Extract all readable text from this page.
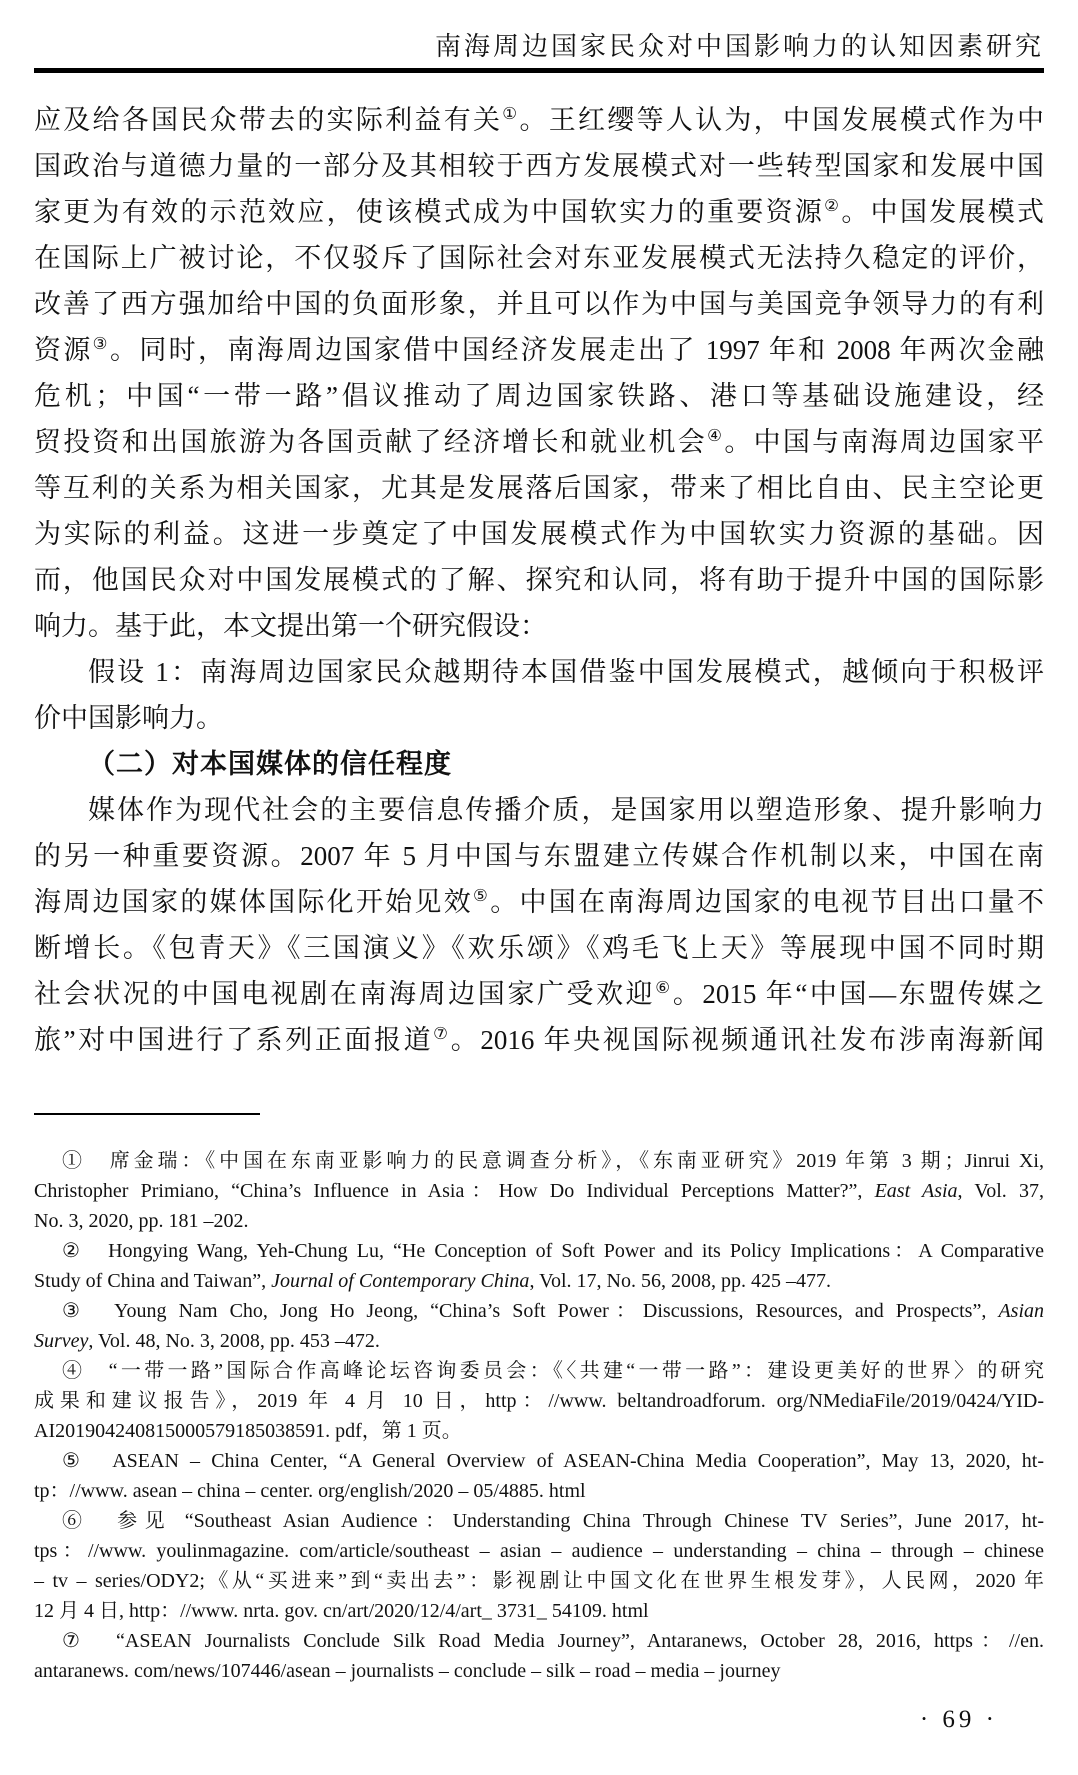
南海周边国家民众对中国影响力的认知因素研究
应及给各国民众带去的实际利益有关①。王红缨等人认为，中国发展模式作为中
国政治与道德力量的一部分及其相较于西方发展模式对一些转型国家和发展中国
家更为有效的示范效应，使该模式成为中国软实力的重要资源②。中国发展模式
在国际上广被讨论，不仅驳斥了国际社会对东亚发展模式无法持久稳定的评价，
改善了西方强加给中国的负面形象，并且可以作为中国与美国竞争领导力的有利
资源③。同时，南海周边国家借中国经济发展走出了 1997 年和 2008 年两次金融
危机；中国“一带一路”倡议推动了周边国家铁路、港口等基础设施建设，经
贸投资和出国旅游为各国贡献了经济增长和就业机会④。中国与南海周边国家平
等互利的关系为相关国家，尤其是发展落后国家，带来了相比自由、民主空论更
为实际的利益。这进一步奠定了中国发展模式作为中国软实力资源的基础。因
而，他国民众对中国发展模式的了解、探究和认同，将有助于提升中国的国际影
响力。基于此，本文提出第一个研究假设：
假设 1：南海周边国家民众越期待本国借鉴中国发展模式，越倾向于积极评
价中国影响力。
（二）对本国媒体的信任程度
媒体作为现代社会的主要信息传播介质，是国家用以塑造形象、提升影响力
的另一种重要资源。2007 年 5 月中国与东盟建立传媒合作机制以来，中国在南
海周边国家的媒体国际化开始见效⑤。中国在南海周边国家的电视节目出口量不
断增长。《包青天》《三国演义》《欢乐颂》《鸡毛飞上天》等展现中国不同时期
社会状况的中国电视剧在南海周边国家广受欢迎⑥。2015 年“中国—东盟传媒之
旅”对中国进行了系列正面报道⑦。2016 年央视国际视频通讯社发布涉南海新闻
①　席金瑞：《中国在东南亚影响力的民意调查分析》，《东南亚研究》2019 年第 3 期；Jinrui Xi,
Christopher Primiano, “China’s Influence in Asia：How Do Individual Perceptions Matter?”, East Asia, Vol. 37,
No. 3, 2020, pp. 181 –202.
②　Hongying Wang, Yeh-Chung Lu, “He Conception of Soft Power and its Policy Implications：A Comparative
Study of China and Taiwan”, Journal of Contemporary China, Vol. 17, No. 56, 2008, pp. 425 –477.
③　Young Nam Cho, Jong Ho Jeong, “China’s Soft Power：Discussions, Resources, and Prospects”, Asian
Survey, Vol. 48, No. 3, 2008, pp. 453 –472.
④　“一带一路”国际合作高峰论坛咨询委员会：《〈共建“一带一路”：建设更美好的世界〉的研究
成果和建议报告》，2019 年 4 月 10 日，http：//www. beltandroadforum. org/NMediaFile/2019/0424/YID-
AI201904240815000579185038591. pdf，第 1 页。
⑤　ASEAN – China Center, “A General Overview of ASEAN-China Media Cooperation”, May 13, 2020, ht-
tp：//www. asean – china – center. org/english/2020 – 05/4885. html
⑥　参见 “Southeast Asian Audience：Understanding China Through Chinese TV Series”, June 2017, ht-
tps：//www. youlinmagazine. com/article/southeast – asian – audience – understanding – china – through – chinese
– tv – series/ODY2;《从“买进来”到“卖出去”：影视剧让中国文化在世界生根发芽》，人民网，2020 年
12 月 4 日, http：//www. nrta. gov. cn/art/2020/12/4/art_ 3731_ 54109. html
⑦　“ASEAN Journalists Conclude Silk Road Media Journey”, Antaranews, October 28, 2016, https：//en.
antaranews. com/news/107446/asean – journalists – conclude – silk – road – media – journey
· 69 ·
